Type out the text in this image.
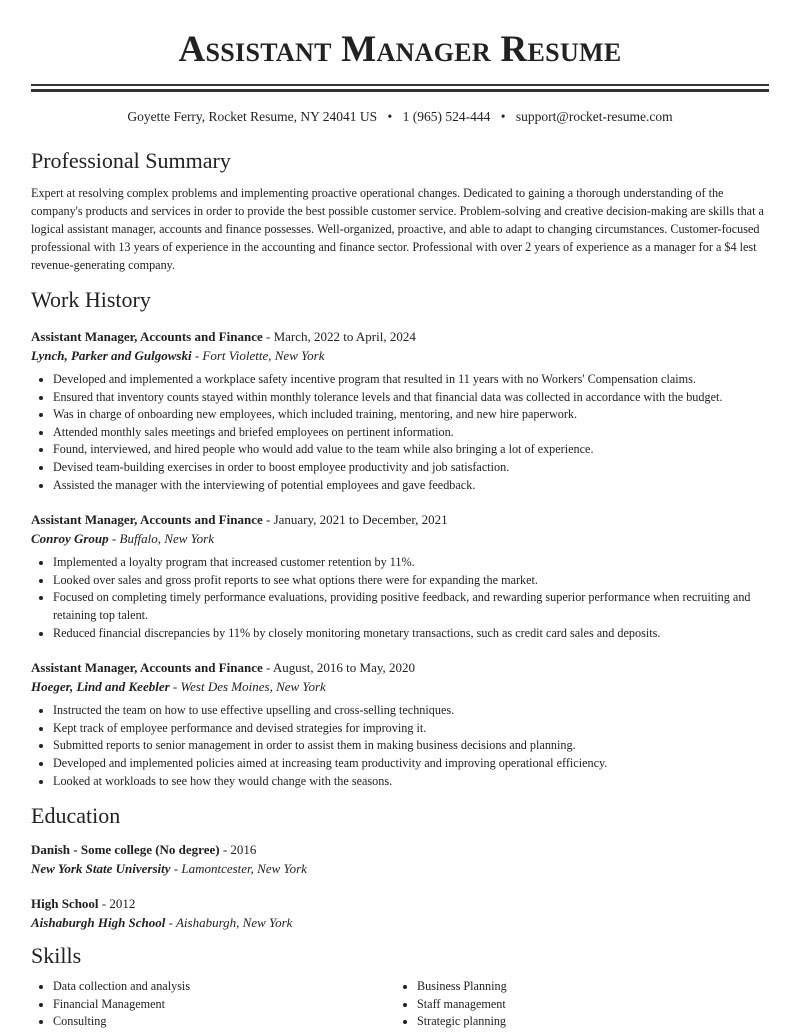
Assistant Manager Resume
Goyette Ferry, Rocket Resume, NY 24041 US • 1 (965) 524-444 • support@rocket-resume.com
Professional Summary
Expert at resolving complex problems and implementing proactive operational changes. Dedicated to gaining a thorough understanding of the company's products and services in order to provide the best possible customer service. Problem-solving and creative decision-making are skills that a logical assistant manager, accounts and finance possesses. Well-organized, proactive, and able to adapt to changing circumstances. Customer-focused professional with 13 years of experience in the accounting and finance sector. Professional with over 2 years of experience as a manager for a $4 lest revenue-generating company.
Work History
Assistant Manager, Accounts and Finance - March, 2022 to April, 2024
Lynch, Parker and Gulgowski - Fort Violette, New York
• Developed and implemented a workplace safety incentive program that resulted in 11 years with no Workers' Compensation claims.
• Ensured that inventory counts stayed within monthly tolerance levels and that financial data was collected in accordance with the budget.
• Was in charge of onboarding new employees, which included training, mentoring, and new hire paperwork.
• Attended monthly sales meetings and briefed employees on pertinent information.
• Found, interviewed, and hired people who would add value to the team while also bringing a lot of experience.
• Devised team-building exercises in order to boost employee productivity and job satisfaction.
• Assisted the manager with the interviewing of potential employees and gave feedback.
Assistant Manager, Accounts and Finance - January, 2021 to December, 2021
Conroy Group - Buffalo, New York
• Implemented a loyalty program that increased customer retention by 11%.
• Looked over sales and gross profit reports to see what options there were for expanding the market.
• Focused on completing timely performance evaluations, providing positive feedback, and rewarding superior performance when recruiting and retaining top talent.
• Reduced financial discrepancies by 11% by closely monitoring monetary transactions, such as credit card sales and deposits.
Assistant Manager, Accounts and Finance - August, 2016 to May, 2020
Hoeger, Lind and Keebler - West Des Moines, New York
• Instructed the team on how to use effective upselling and cross-selling techniques.
• Kept track of employee performance and devised strategies for improving it.
• Submitted reports to senior management in order to assist them in making business decisions and planning.
• Developed and implemented policies aimed at increasing team productivity and improving operational efficiency.
• Looked at workloads to see how they would change with the seasons.
Education
Danish - Some college (No degree) - 2016
New York State University - Lamontcester, New York
High School - 2012
Aishaburgh High School - Aishaburgh, New York
Skills
• Data collection and analysis
• Financial Management
• Consulting
• Business Planning
• Staff management
• Strategic planning
